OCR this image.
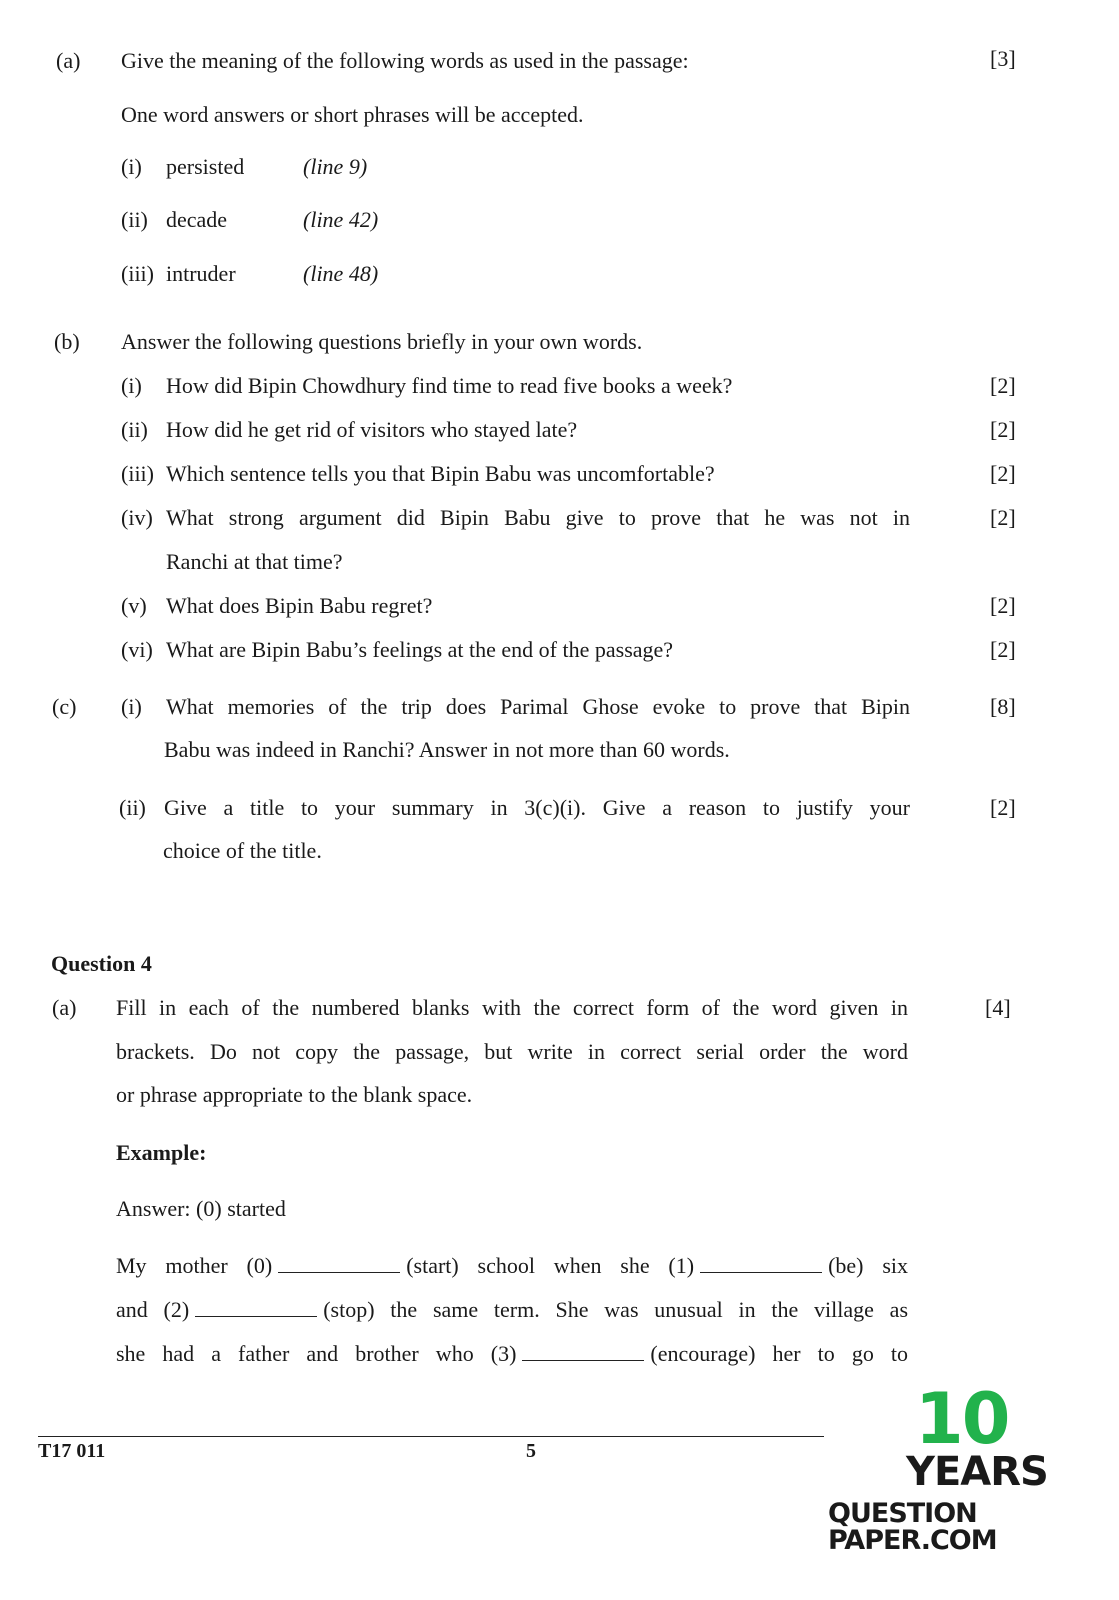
(a) Give the meaning of the following words as used in the passage:	[3]
One word answers or short phrases will be accepted.
(i) persisted	(line 9)
(ii) decade	(line 42)
(iii) intruder	(line 48)
(b) Answer the following questions briefly in your own words.
(i) How did Bipin Chowdhury find time to read five books a week?	[2]
(ii) How did he get rid of visitors who stayed late?	[2]
(iii) Which sentence tells you that Bipin Babu was uncomfortable?	[2]
(iv) What strong argument did Bipin Babu give to prove that he was not in
Ranchi at that time?
[2]
(v) What does Bipin Babu regret?	[2]
(vi) What are Bipin Babu’s feelings at the end of the passage?	[2]
(c) (i) What memories of the trip does Parimal Ghose evoke to prove that Bipin
Babu was indeed in Ranchi? Answer in not more than 60 words.
[8]
(ii) Give a title to your summary in 3(c)(i). Give a reason to justify your
choice of the title.
[2]
Question 4
(a) Fill in each of the numbered blanks with the correct form of the word given in
brackets. Do not copy the passage, but write in correct serial order the word
or phrase appropriate to the blank space.
[4]
Example:
Answer: (0) started
My mother (0)	(start) school when she (1)	(be) six
and (2)	(stop) the same term. She was unusual in the village as
she had a father and brother who (3)	(encourage) her to go to
T17 011	5	10
YEARS
QUESTION PAPER.COM
